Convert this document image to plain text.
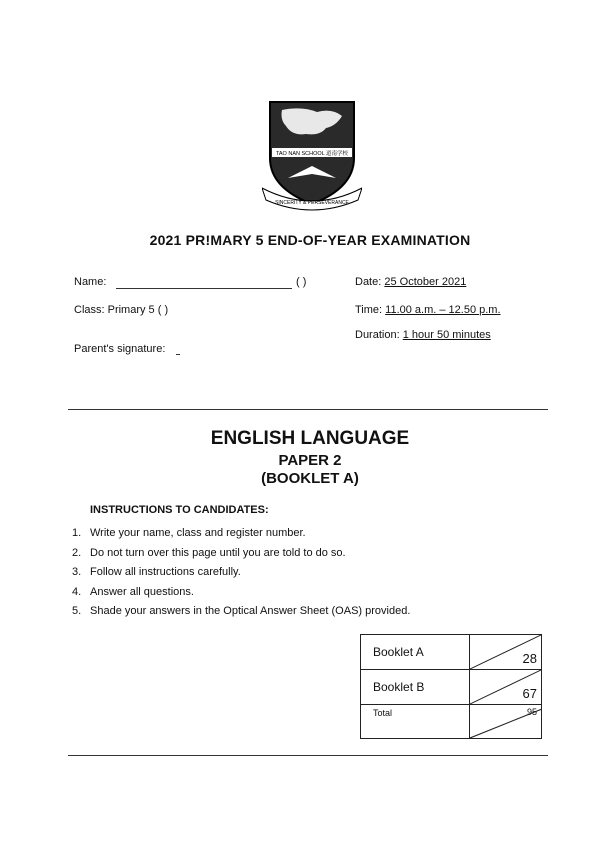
TAO NAN SCHOOL 道南学校
SINCERITY & PERSEVERANCE
2021 PR!MARY 5 END-OF-YEAR EXAMINATION
Name:	( )
Class: Primary 5 ( )
Parent's signature:
Date: 25 October 2021
Time: 11.00 a.m. – 12.50 p.m.
Duration: 1 hour 50 minutes
ENGLISH LANGUAGE
PAPER 2
(BOOKLET A)
INSTRUCTIONS TO CANDIDATES:
1. Write your name, class and register number.
2. Do not turn over this page until you are told to do so.
3. Follow all instructions carefully.
4. Answer all questions.
5. Shade your answers in the Optical Answer Sheet (OAS) provided.
Booklet A	28

Booklet B	67

Total	95
